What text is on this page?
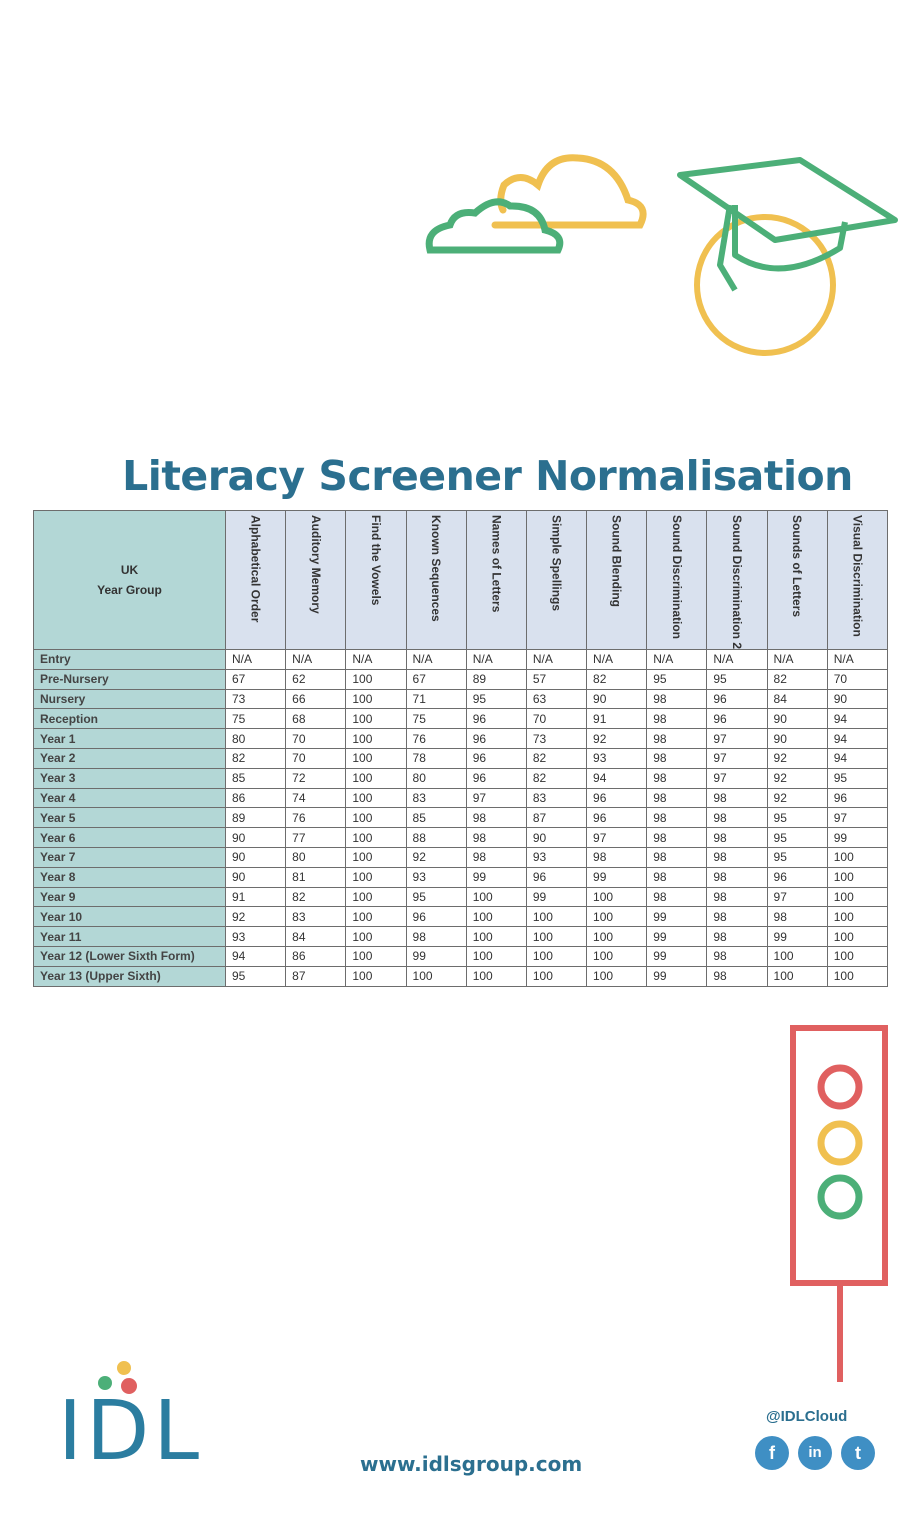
Literacy Screener Normalisation
UK
Year Group	Alphabetical Order	Auditory Memory	Find the Vowels	Known Sequences	Names of Letters	Simple Spellings	Sound Blending	Sound Discrimination	Sound Discrimination 2	Sounds of Letters	Visual Discrimination
Entry	N/A	N/A	N/A	N/A	N/A	N/A	N/A	N/A	N/A	N/A	N/A
Pre-Nursery	67	62	100	67	89	57	82	95	95	82	70
Nursery	73	66	100	71	95	63	90	98	96	84	90
Reception	75	68	100	75	96	70	91	98	96	90	94
Year 1	80	70	100	76	96	73	92	98	97	90	94
Year 2	82	70	100	78	96	82	93	98	97	92	94
Year 3	85	72	100	80	96	82	94	98	97	92	95
Year 4	86	74	100	83	97	83	96	98	98	92	96
Year 5	89	76	100	85	98	87	96	98	98	95	97
Year 6	90	77	100	88	98	90	97	98	98	95	99
Year 7	90	80	100	92	98	93	98	98	98	95	100
Year 8	90	81	100	93	99	96	99	98	98	96	100
Year 9	91	82	100	95	100	99	100	98	98	97	100
Year 10	92	83	100	96	100	100	100	99	98	98	100
Year 11	93	84	100	98	100	100	100	99	98	99	100
Year 12 (Lower Sixth Form)	94	86	100	99	100	100	100	99	98	100	100
Year 13 (Upper Sixth)	95	87	100	100	100	100	100	99	98	100	100
IDL	www.idlsgroup.com
@IDLCloud
f	in	t
